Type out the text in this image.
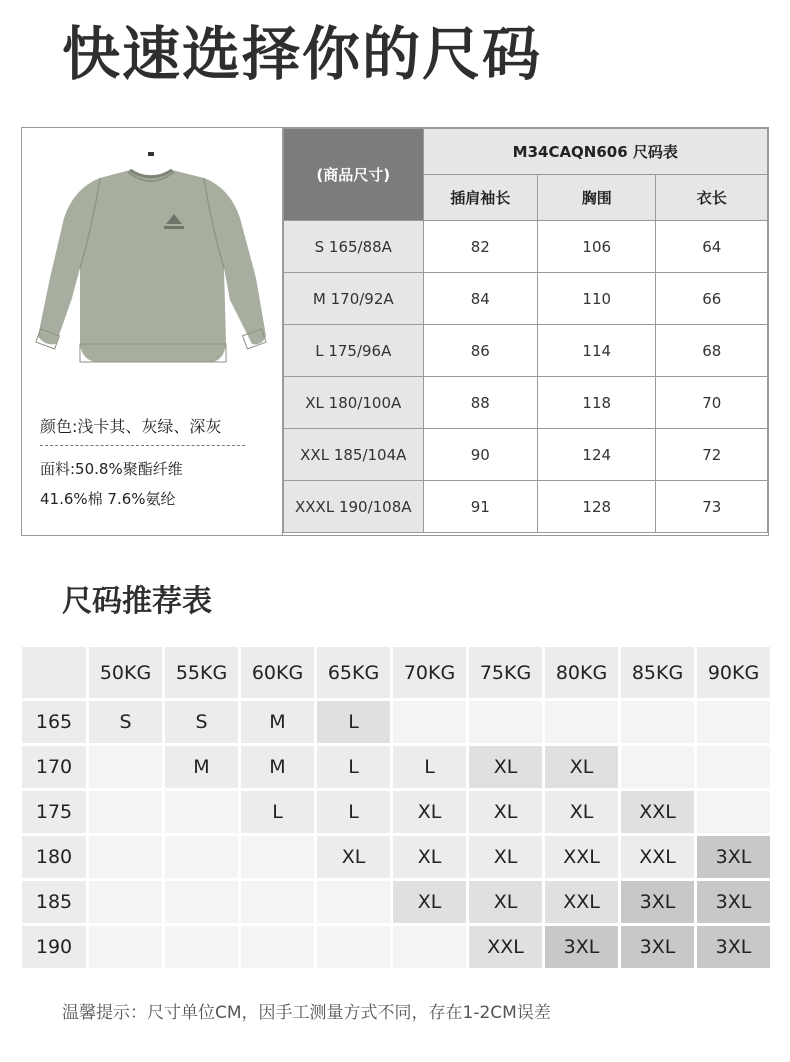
快速选择你的尺码
颜色:浅卡其、灰绿、深灰
面料:50.8%聚酯纤维
41.6%棉 7.6%氨纶
(商品尺寸)	M34CAQN606 尺码表		
	插肩袖长	胸围	衣长
S 165/88A	82	106	64
M 170/92A	84	110	66
L 175/96A	86	114	68
XL 180/100A	88	118	70
XXL 185/104A	90	124	72
XXXL 190/108A	91	128	73
尺码推荐表
	50KG	55KG	60KG	65KG	70KG	75KG	80KG	85KG	90KG
165	S	S	M	L					
170		M	M	L	L	XL	XL		
175			L	L	XL	XL	XL	XXL	
180				XL	XL	XL	XXL	XXL	3XL
185					XL	XL	XXL	3XL	3XL
190						XXL	3XL	3XL	3XL
温馨提示：尺寸单位CM，因手工测量方式不同，存在1-2CM误差
